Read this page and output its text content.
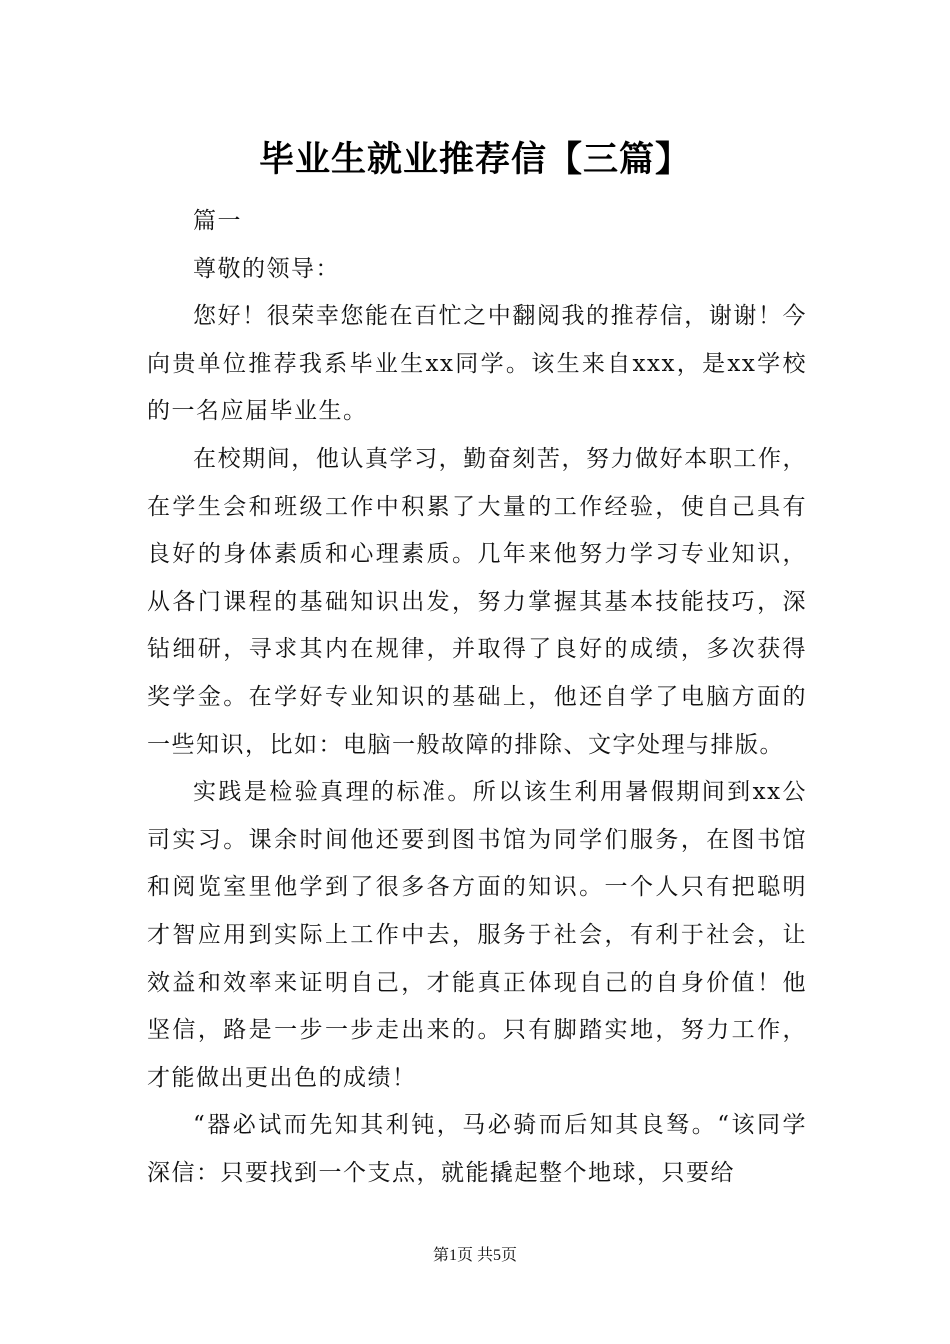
毕业生就业推荐信【三篇】

篇一

尊敬的领导：

您好！很荣幸您能在百忙之中翻阅我的推荐信，谢谢！今向贵单位推荐我系毕业生xx同学。该生来自xxx，是xx学校的一名应届毕业生。

在校期间，他认真学习，勤奋刻苦，努力做好本职工作，在学生会和班级工作中积累了大量的工作经验，使自己具有良好的身体素质和心理素质。几年来他努力学习专业知识，从各门课程的基础知识出发，努力掌握其基本技能技巧，深钻细研，寻求其内在规律，并取得了良好的成绩，多次获得奖学金。在学好专业知识的基础上，他还自学了电脑方面的一些知识，比如：电脑一般故障的排除、文字处理与排版。

实践是检验真理的标准。所以该生利用暑假期间到xx公司实习。课余时间他还要到图书馆为同学们服务，在图书馆和阅览室里他学到了很多各方面的知识。一个人只有把聪明才智应用到实际上工作中去，服务于社会，有利于社会，让效益和效率来证明自己，才能真正体现自己的自身价值！他坚信，路是一步一步走出来的。只有脚踏实地，努力工作，才能做出更出色的成绩！

“器必试而先知其利钝，马必骑而后知其良驽。“该同学深信：只要找到一个支点，就能撬起整个地球，只要给

第1页 共5页
